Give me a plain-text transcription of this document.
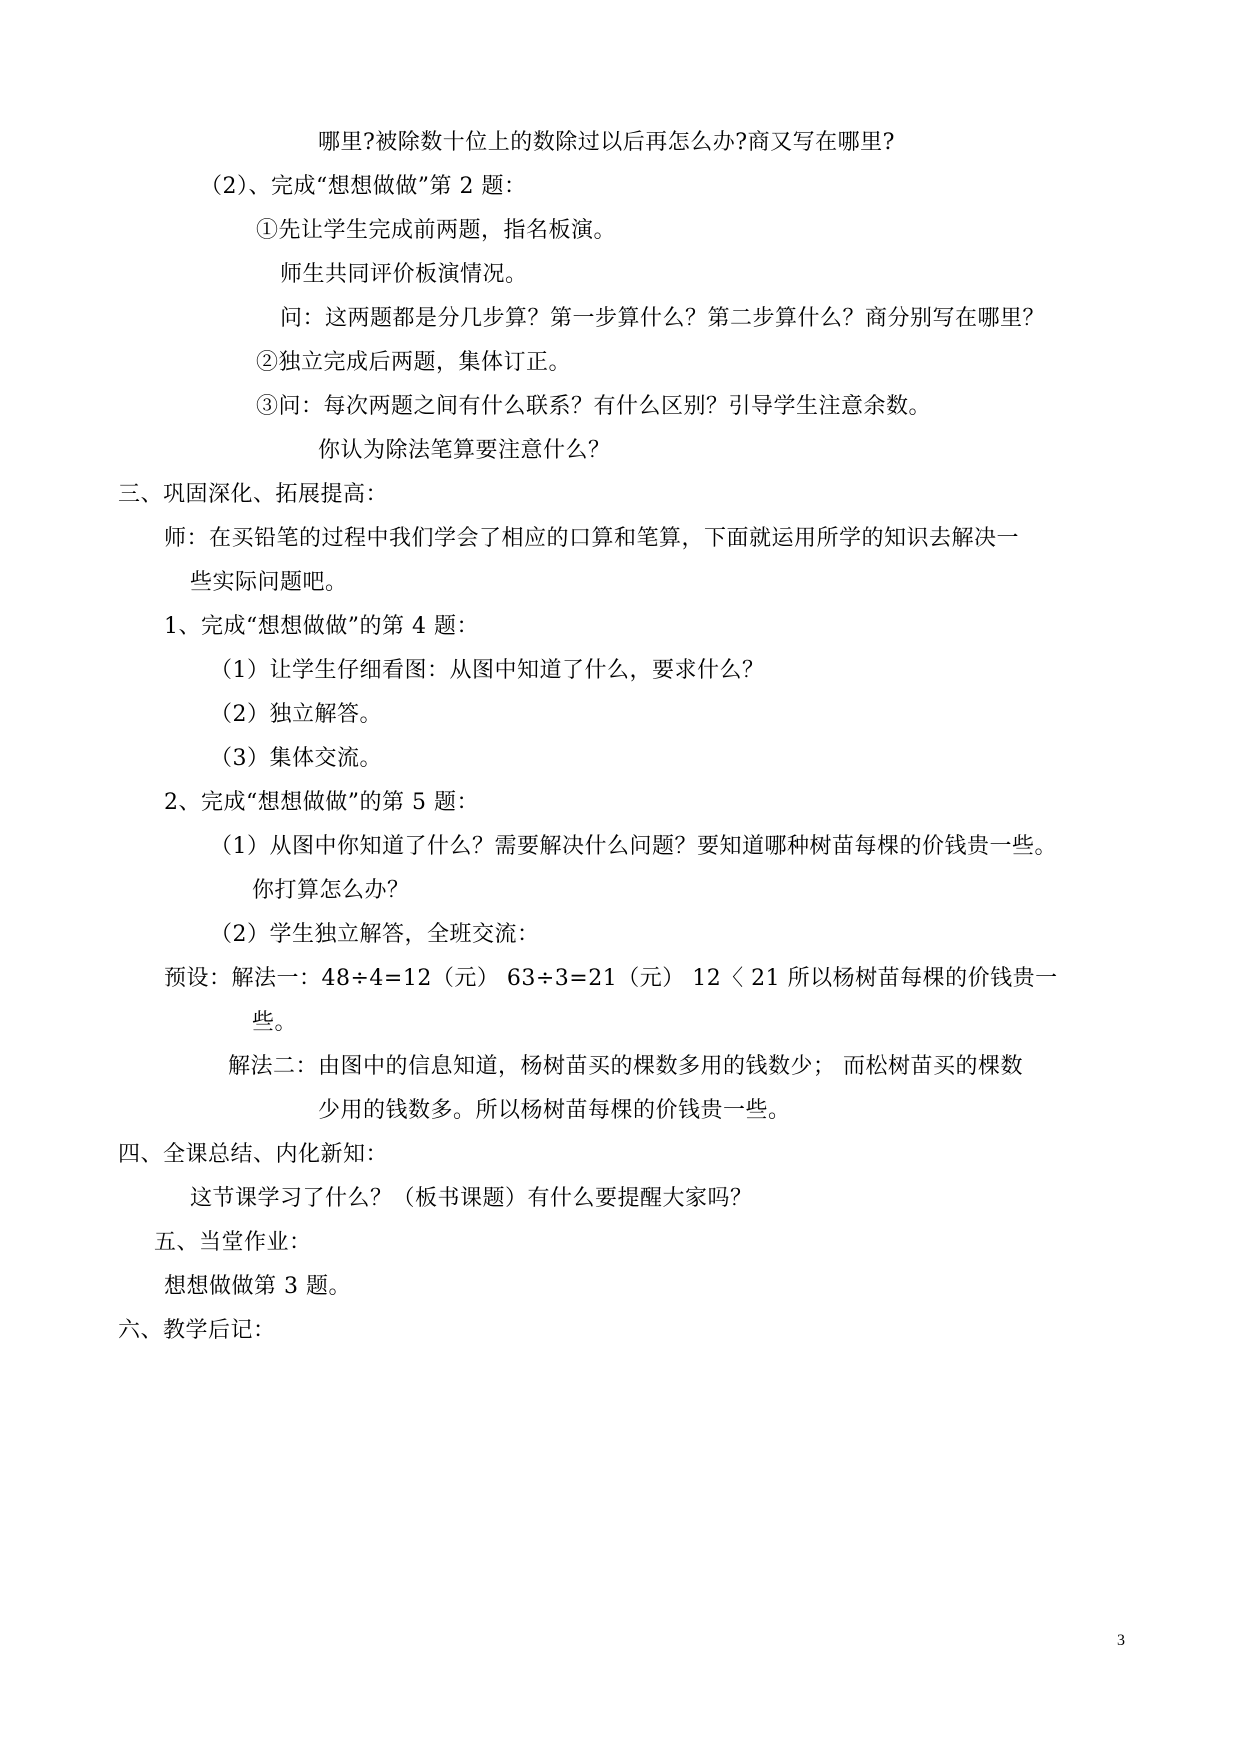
哪里?被除数十位上的数除过以后再怎么办?商又写在哪里?
（2）、完成“想想做做”第 2 题：
①先让学生完成前两题，指名板演。
师生共同评价板演情况。
问：这两题都是分几步算？第一步算什么？第二步算什么？商分别写在哪里？
②独立完成后两题，集体订正。
③问：每次两题之间有什么联系？有什么区别？引导学生注意余数。
你认为除法笔算要注意什么？
三、巩固深化、拓展提高：
师：在买铅笔的过程中我们学会了相应的口算和笔算，下面就运用所学的知识去解决一
些实际问题吧。
1、完成“想想做做”的第 4 题：
（1）让学生仔细看图：从图中知道了什么，要求什么？
（2）独立解答。
（3）集体交流。
2、完成“想想做做”的第 5 题：
（1）从图中你知道了什么？需要解决什么问题？要知道哪种树苗每棵的价钱贵一些。
你打算怎么办？
（2）学生独立解答，全班交流：
预设：解法一：48÷4=12（元） 63÷3=21（元） 12〈 21 所以杨树苗每棵的价钱贵一
些。
解法二：由图中的信息知道，杨树苗买的棵数多用的钱数少； 而松树苗买的棵数
少用的钱数多。所以杨树苗每棵的价钱贵一些。
四、全课总结、内化新知：
这节课学习了什么？（板书课题）有什么要提醒大家吗？
五、当堂作业：
想想做做第 3 题。
六、教学后记：
3
